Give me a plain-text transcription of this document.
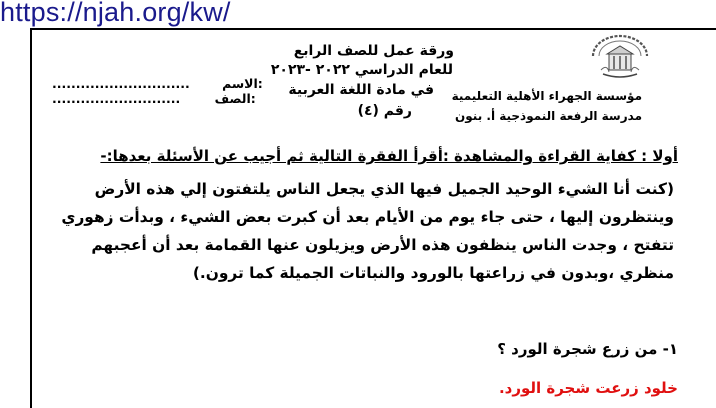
https://njah.org/kw/
مؤسسة الجهراء الأهلية التعليمية
مدرسة الرفعة النموذجية أ. بنون
ورقة عمل للصف الرابع
للعام الدراسي ٢٠٢٢ -٢٠٢٣
في مادة اللغة العربية
رقم (٤)
.............................	الاسم:
...........................	الصف:
أولا : كفاية القراءة والمشاهدة :أقرأ الفقرة التالية ثم أجيب عن الأسئلة بعدها:-
(كنت أنا الشيء الوحيد الجميل فيها الذي يجعل الناس يلتفتون إلي هذه الأرض
وينتظرون إليها ، حتى جاء يوم من الأيام بعد أن كبرت بعض الشيء ، وبدأت زهوري
تتفتح ، وجدت الناس ينظفون هذه الأرض ويزيلون عنها القمامة بعد أن أعجبهم
منظري ،وبدون في زراعتها بالورود والنباتات الجميلة كما ترون.)
١- من زرع شجرة الورد ؟
خلود زرعت شجرة الورد.
